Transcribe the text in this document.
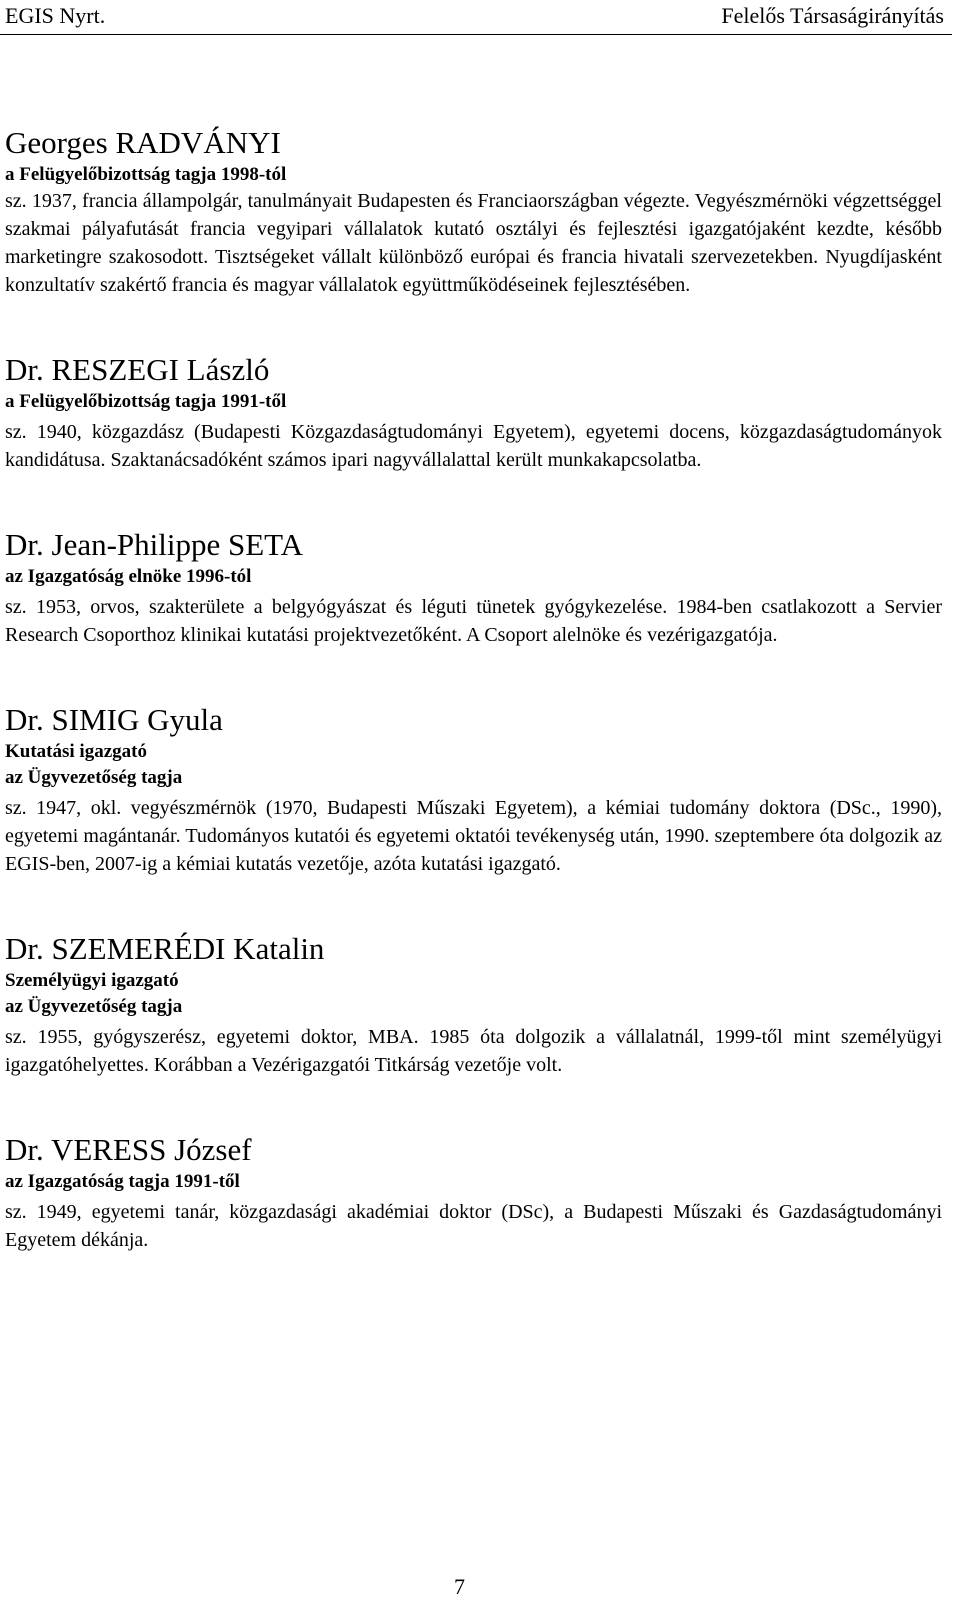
EGIS Nyrt.	Felelős Társaságirányítás
Georges RADVÁNYI
a Felügyelőbizottság tagja 1998-tól

sz. 1937, francia állampolgár, tanulmányait Budapesten és Franciaországban végezte. Vegyészmérnöki végzettséggel szakmai pályafutását francia vegyipari vállalatok kutató osztályi és fejlesztési igazgatójaként kezdte, később marketingre szakosodott. Tisztségeket vállalt különböző európai és francia hivatali szervezetekben. Nyugdíjasként konzultatív szakértő francia és magyar vállalatok együttműködéseinek fejlesztésében.

Dr. RESZEGI László
a Felügyelőbizottság tagja 1991-től

sz. 1940, közgazdász (Budapesti Közgazdaságtudományi Egyetem), egyetemi docens, közgazdaságtudományok kandidátusa. Szaktanácsadóként számos ipari nagyvállalattal került munkakapcsolatba.

Dr. Jean-Philippe SETA
az Igazgatóság elnöke 1996-tól

sz. 1953, orvos, szakterülete a belgyógyászat és léguti tünetek gyógykezelése. 1984-ben csatlakozott a Servier Research Csoporthoz klinikai kutatási projektvezetőként. A Csoport alelnöke és vezérigazgatója.

Dr. SIMIG Gyula
Kutatási igazgató
az Ügyvezetőség tagja

sz. 1947, okl. vegyészmérnök (1970, Budapesti Műszaki Egyetem), a kémiai tudomány doktora (DSc., 1990), egyetemi magántanár. Tudományos kutatói és egyetemi oktatói tevékenység után, 1990. szeptembere óta dolgozik az EGIS-ben, 2007-ig a kémiai kutatás vezetője, azóta kutatási igazgató.

Dr. SZEMERÉDI Katalin
Személyügyi igazgató
az Ügyvezetőség tagja

sz. 1955, gyógyszerész, egyetemi doktor, MBA. 1985 óta dolgozik a vállalatnál, 1999-től mint személyügyi igazgatóhelyettes. Korábban a Vezérigazgatói Titkárság vezetője volt.

Dr. VERESS József
az Igazgatóság tagja 1991-től

sz. 1949, egyetemi tanár, közgazdasági akadémiai doktor (DSc), a Budapesti Műszaki és Gazdaságtudományi Egyetem dékánja.

7
